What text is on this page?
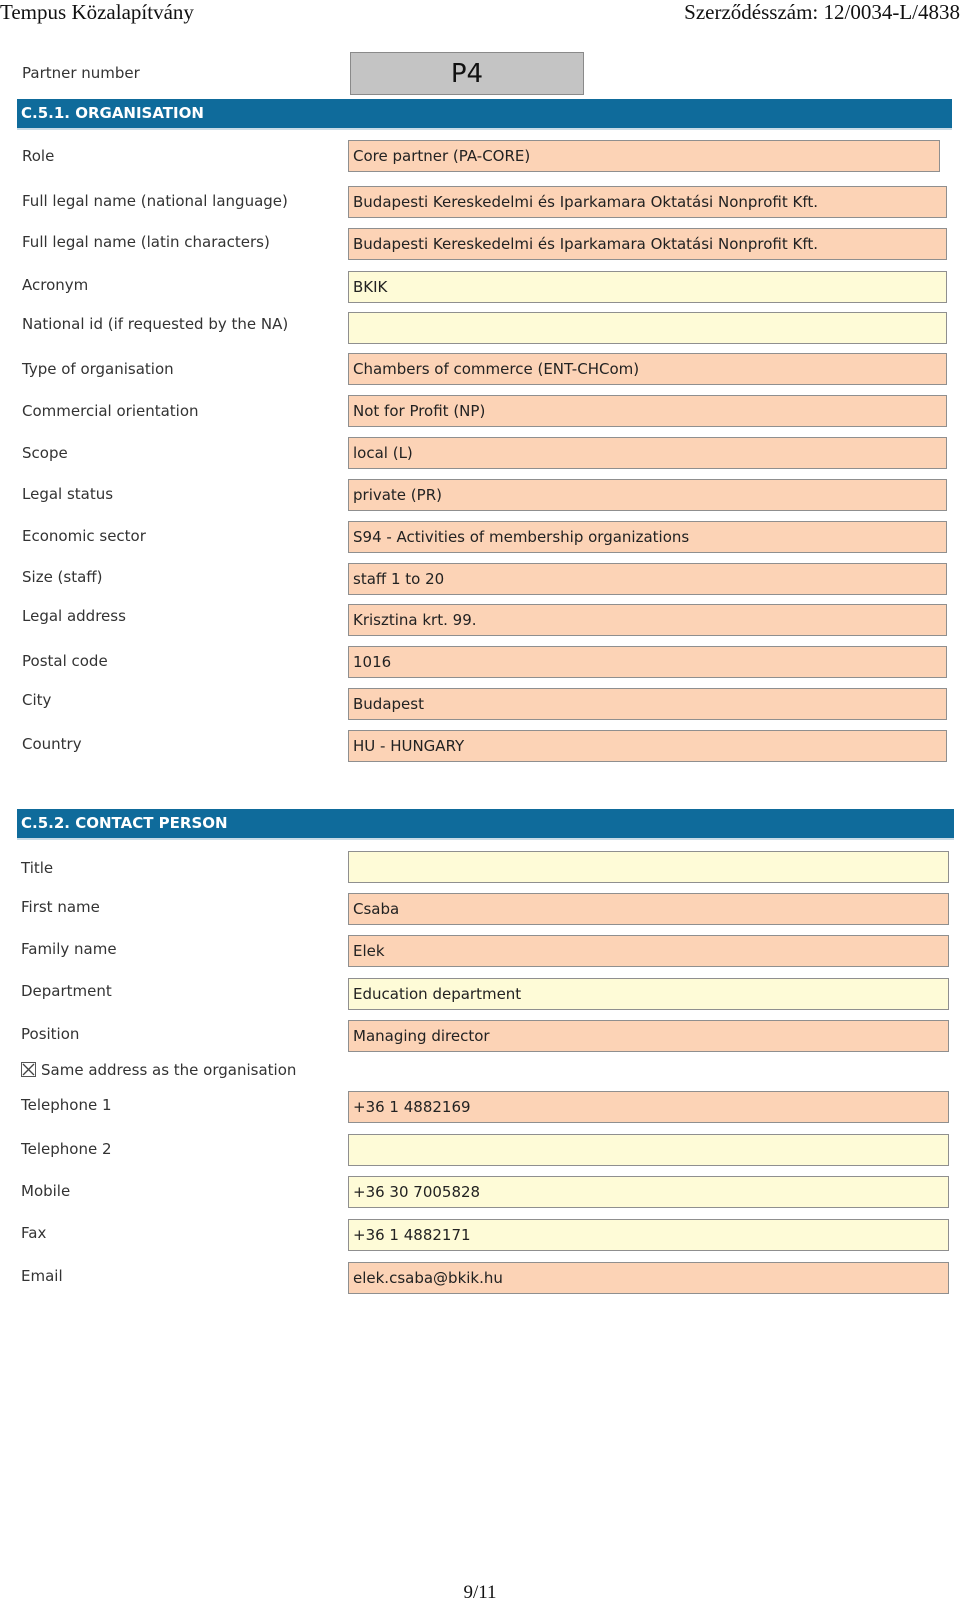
Tempus Közalapítvány	Szerződésszám: 12/0034-L/4838
Partner number	P4
C.5.1. ORGANISATION
Role	Core partner (PA-CORE)
Full legal name (national language)	Budapesti Kereskedelmi és Iparkamara Oktatási Nonprofit Kft.
Full legal name (latin characters)	Budapesti Kereskedelmi és Iparkamara Oktatási Nonprofit Kft.
Acronym	BKIK
National id (if requested by the NA)
Type of organisation	Chambers of commerce (ENT-CHCom)
Commercial orientation	Not for Profit (NP)
Scope	local (L)
Legal status	private (PR)
Economic sector	S94 - Activities of membership organizations
Size (staff)	staff 1 to 20
Legal address	Krisztina krt. 99.
Postal code	1016
City	Budapest
Country	HU - HUNGARY
C.5.2. CONTACT PERSON
Title
First name	Csaba
Family name	Elek
Department	Education department
Position	Managing director
Same address as the organisation
Telephone 1	+36 1 4882169
Telephone 2
Mobile	+36 30 7005828
Fax	+36 1 4882171
Email	elek.csaba@bkik.hu
9/11
